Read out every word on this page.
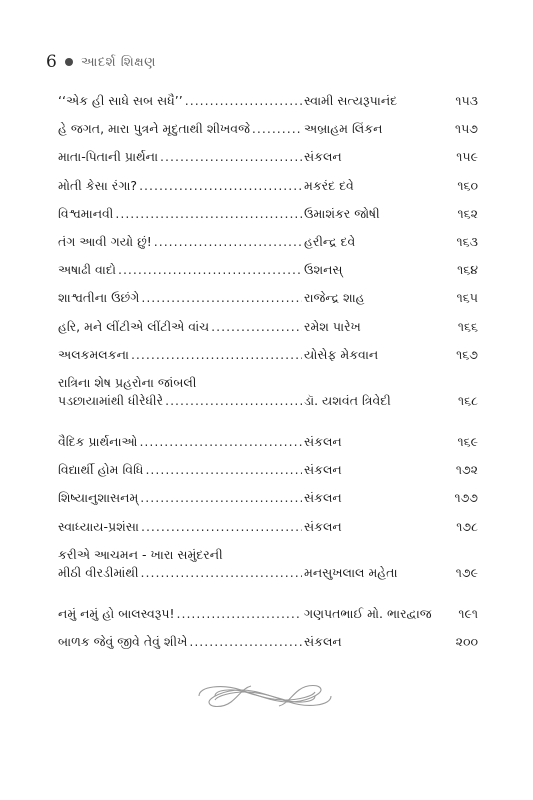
6 આદર્શ શિક્ષણ
‘‘એક હી સાધે સબ સધૈ’’ .....	સ્વામી સત્યરૂપાનંદ	૧૫૩
હે જગત, મારા પુત્રને મૃદુતાથી શીખવજે .....	અબ્રાહમ લિંકન	૧૫૭
માતા-પિતાની પ્રાર્થના .....	સંકલન	૧૫૯
મોતી કેસા રંગા? .....	મકરંદ દવે	૧૬૦
વિશ્વમાનવી .....	ઉમાશંકર જોષી	૧૬૨
તંગ આવી ગયો છું! .....	હરીન્દ્ર દવે	૧૬૩
અષાઢી વાદો .....	ઉશનસ્	૧૬૪
શાશ્વતીના ઉછંગે .....	રાજેન્દ્ર શાહ	૧૬૫
હરિ, મને લીંટીએ લીંટીએ વાંચ .....	રમેશ પારેખ	૧૬૬
અલકમલકના .....	યોસેફ મેકવાન	૧૬૭
રાત્રિના શેષ પ્રહરોના જાંબલી
પડછાયામાંથી ધીરેધીરે .....	ડૉ. યશવંત ત્રિવેદી	૧૬૮
વૈદિક પ્રાર્થનાઓ .....	સંકલન	૧૬૯
વિદ્યાર્થી હોમ વિધિ .....	સંકલન	૧૭૨
શિષ્યાનુશાસનમ્ .....	સંકલન	૧૭૭
સ્વાધ્યાય-પ્રશંસા .....	સંકલન	૧૭૮
કરીએ આચમન - ખારા સમુંદરની
મીઠી વીરડીમાંથી .....	મનસુખલાલ મહેતા	૧૭૯
નમું નમું હો બાલસ્વરૂપ! .....	ગણપતભાઈ મો. ભારદ્વાજ	૧૯૧
બાળક જેવું જીવે તેવું શીખે .....	સંકલન	૨૦૦
